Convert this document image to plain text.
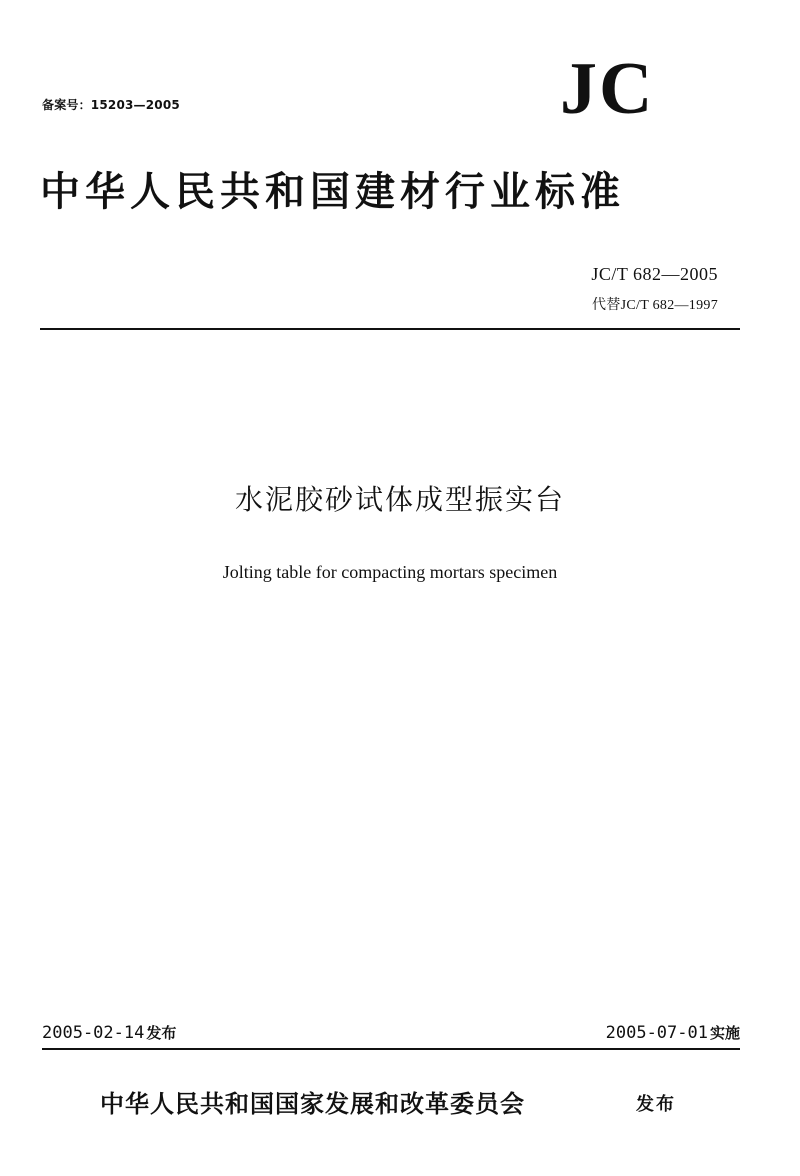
备案号：15203—2005	JC
中华人民共和国建材行业标准
JC/T 682—2005
代替JC/T 682—1997
水泥胶砂试体成型振实台
Jolting table for compacting mortars specimen
2005-02-14 发布	2005-07-01 实施
中华人民共和国国家发展和改革委员会	发布
